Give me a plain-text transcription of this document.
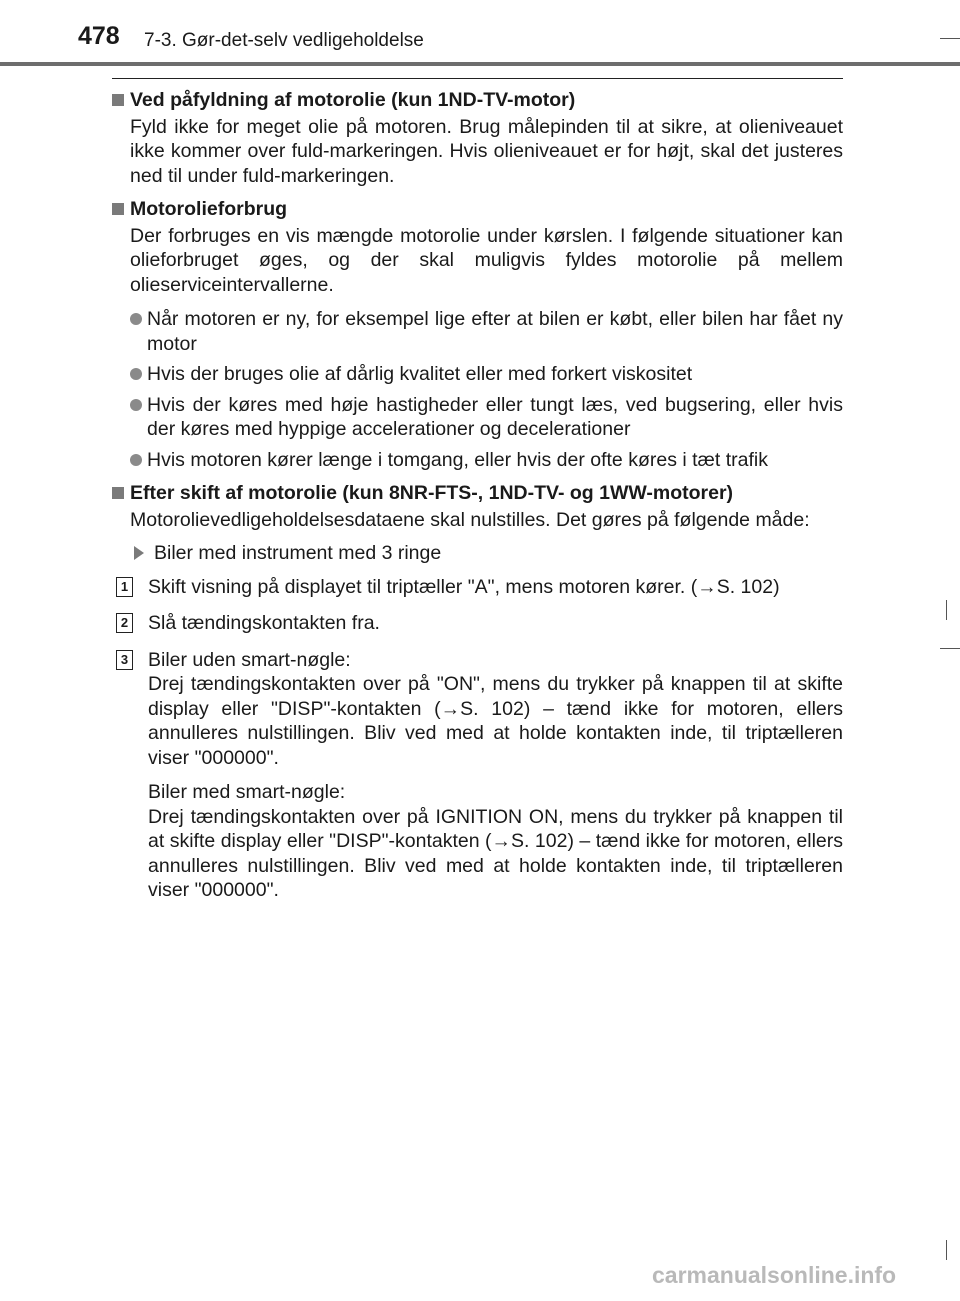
478 7-3. Gør-det-selv vedligeholdelse
Ved påfyldning af motorolie (kun 1ND-TV-motor)
Fyld ikke for meget olie på motoren. Brug målepinden til at sikre, at olieniveauet ikke kommer over fuld-markeringen. Hvis olieniveauet er for højt, skal det justeres ned til under fuld-markeringen.
Motorolieforbrug
Der forbruges en vis mængde motorolie under kørslen. I følgende situationer kan olieforbruget øges, og der skal muligvis fyldes motorolie på mellem olieserviceintervallerne.
Når motoren er ny, for eksempel lige efter at bilen er købt, eller bilen har fået ny motor
Hvis der bruges olie af dårlig kvalitet eller med forkert viskositet
Hvis der køres med høje hastigheder eller tungt læs, ved bugsering, eller hvis der køres med hyppige accelerationer og decelerationer
Hvis motoren kører længe i tomgang, eller hvis der ofte køres i tæt trafik
Efter skift af motorolie (kun 8NR-FTS-, 1ND-TV- og 1WW-motorer)
Motorolievedligeholdelsesdataene skal nulstilles. Det gøres på følgende måde:
Biler med instrument med 3 ringe
1 Skift visning på displayet til triptæller "A", mens motoren kører. (→S. 102)
2 Slå tændingskontakten fra.
3 Biler uden smart-nøgle:
Drej tændingskontakten over på "ON", mens du trykker på knappen til at skifte display eller "DISP"-kontakten (→S. 102) – tænd ikke for motoren, ellers annulleres nulstillingen. Bliv ved med at holde kontakten inde, til triptælleren viser "000000".
Biler med smart-nøgle:
Drej tændingskontakten over på IGNITION ON, mens du trykker på knappen til at skifte display eller "DISP"-kontakten (→S. 102) – tænd ikke for motoren, ellers annulleres nulstillingen. Bliv ved med at holde kontakten inde, til triptælleren viser "000000".
carmanualsonline.info
